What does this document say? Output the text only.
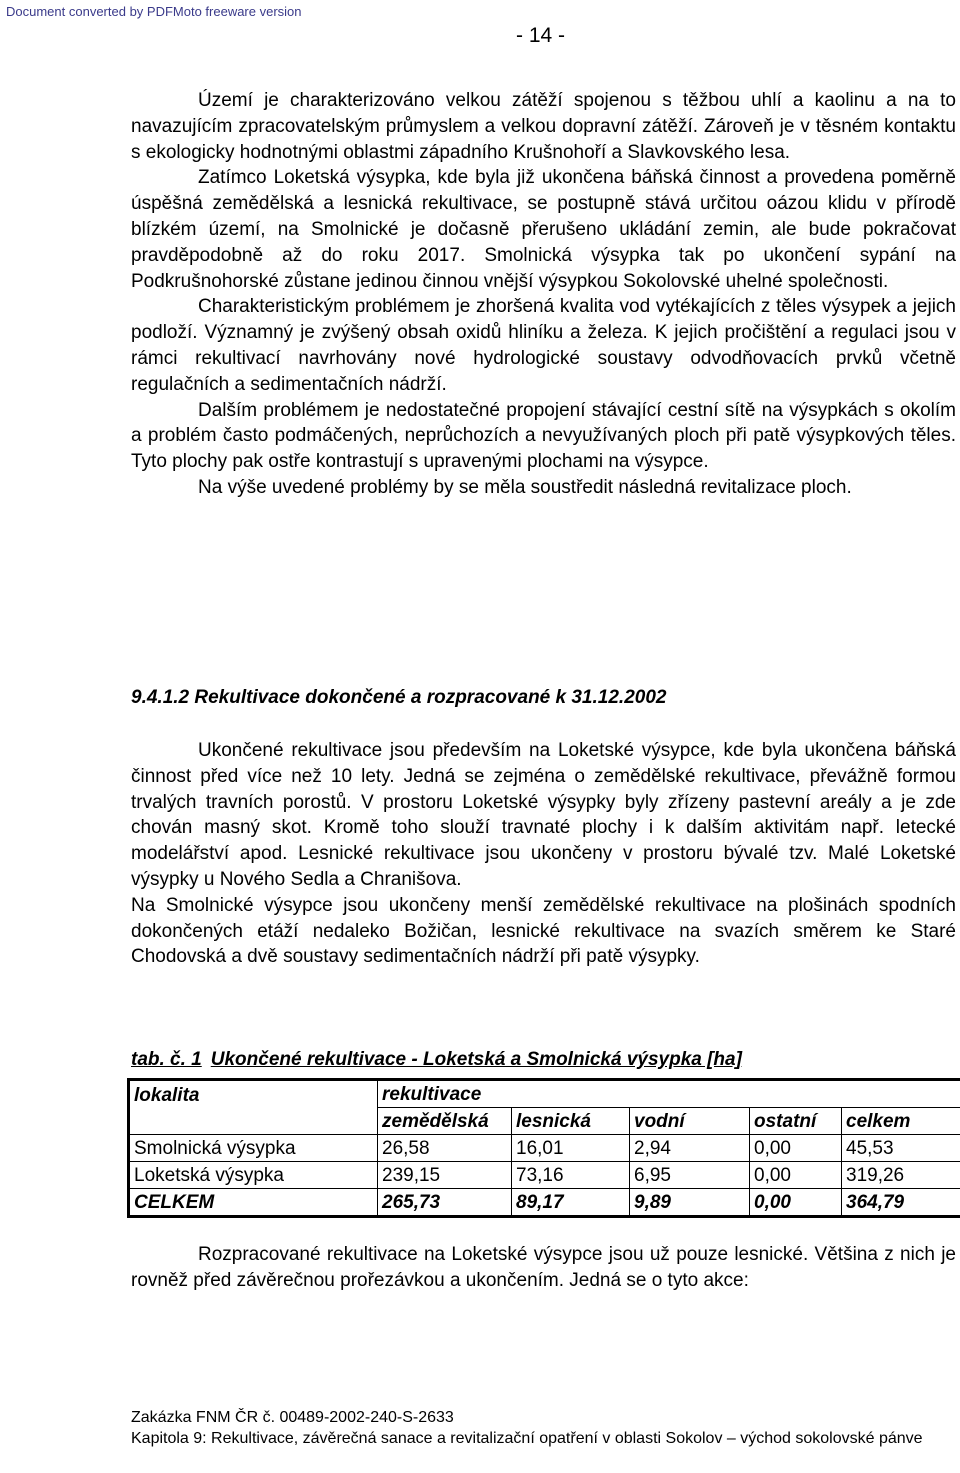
Document converted by PDFMoto freeware version
- 14 -

Území je charakterizováno velkou zátěží spojenou s těžbou uhlí a kaolinu a na to navazujícím zpracovatelským průmyslem a velkou dopravní zátěží. Zároveň je v těsném kontaktu s ekologicky hodnotnými oblastmi západního Krušnohoří a Slavkovského lesa.

Zatímco Loketská výsypka, kde byla již ukončena báňská činnost a provedena poměrně úspěšná zemědělská a lesnická rekultivace, se postupně stává určitou oázou klidu v přírodě blízkém území, na Smolnické je dočasně přerušeno ukládání zemin, ale bude pokračovat pravděpodobně až do roku 2017. Smolnická výsypka tak po ukončení sypání na Podkrušnohorské zůstane jedinou činnou vnější výsypkou Sokolovské uhelné společnosti.

Charakteristickým problémem je zhoršená kvalita vod vytékajících z těles výsypek a jejich podloží. Významný je zvýšený obsah oxidů hliníku a železa. K jejich pročištění a regulaci jsou v rámci rekultivací navrhovány nové hydrologické soustavy odvodňovacích prvků včetně regulačních a sedimentačních nádrží.

Dalším problémem je nedostatečné propojení stávající cestní sítě na výsypkách s okolím a problém často podmáčených, neprůchozích a nevyužívaných ploch při patě výsypkových těles. Tyto plochy pak ostře kontrastují s upravenými plochami na výsypce.

Na výše uvedené problémy by se měla soustředit následná revitalizace ploch.

9.4.1.2 Rekultivace dokončené a rozpracované k 31.12.2002

Ukončené rekultivace jsou především na Loketské výsypce, kde byla ukončena báňská činnost před více než 10 lety. Jedná se zejména o zemědělské rekultivace, převážně formou trvalých travních porostů. V prostoru Loketské výsypky byly zřízeny pastevní areály a je zde chován masný skot. Kromě toho slouží travnaté plochy i k dalším aktivitám např. letecké modelářství apod. Lesnické rekultivace jsou ukončeny v prostoru bývalé tzv. Malé Loketské výsypky u Nového Sedla a Chranišova.

Na Smolnické výsypce jsou ukončeny menší zemědělské rekultivace na plošinách spodních dokončených etáží nedaleko Božičan, lesnické rekultivace na svazích směrem ke Staré Chodovská a dvě soustavy sedimentačních nádrží při patě výsypky.

tab. č. 1 Ukončené rekultivace - Loketská a Smolnická výsypka [ha]
lokalita	rekultivace				
	zemědělská	lesnická	vodní	ostatní	celkem
Smolnická výsypka	26,58	16,01	2,94	0,00	45,53
Loketská výsypka	239,15	73,16	6,95	0,00	319,26
CELKEM	265,73	89,17	9,89	0,00	364,79

Rozpracované rekultivace na Loketské výsypce jsou už pouze lesnické. Většina z nich je rovněž před závěrečnou prořezávkou a ukončením. Jedná se o tyto akce:

Zakázka FNM ČR č. 00489-2002-240-S-2633
Kapitola 9: Rekultivace, závěrečná sanace a revitalizační opatření v oblasti Sokolov – východ sokolovské pánve
